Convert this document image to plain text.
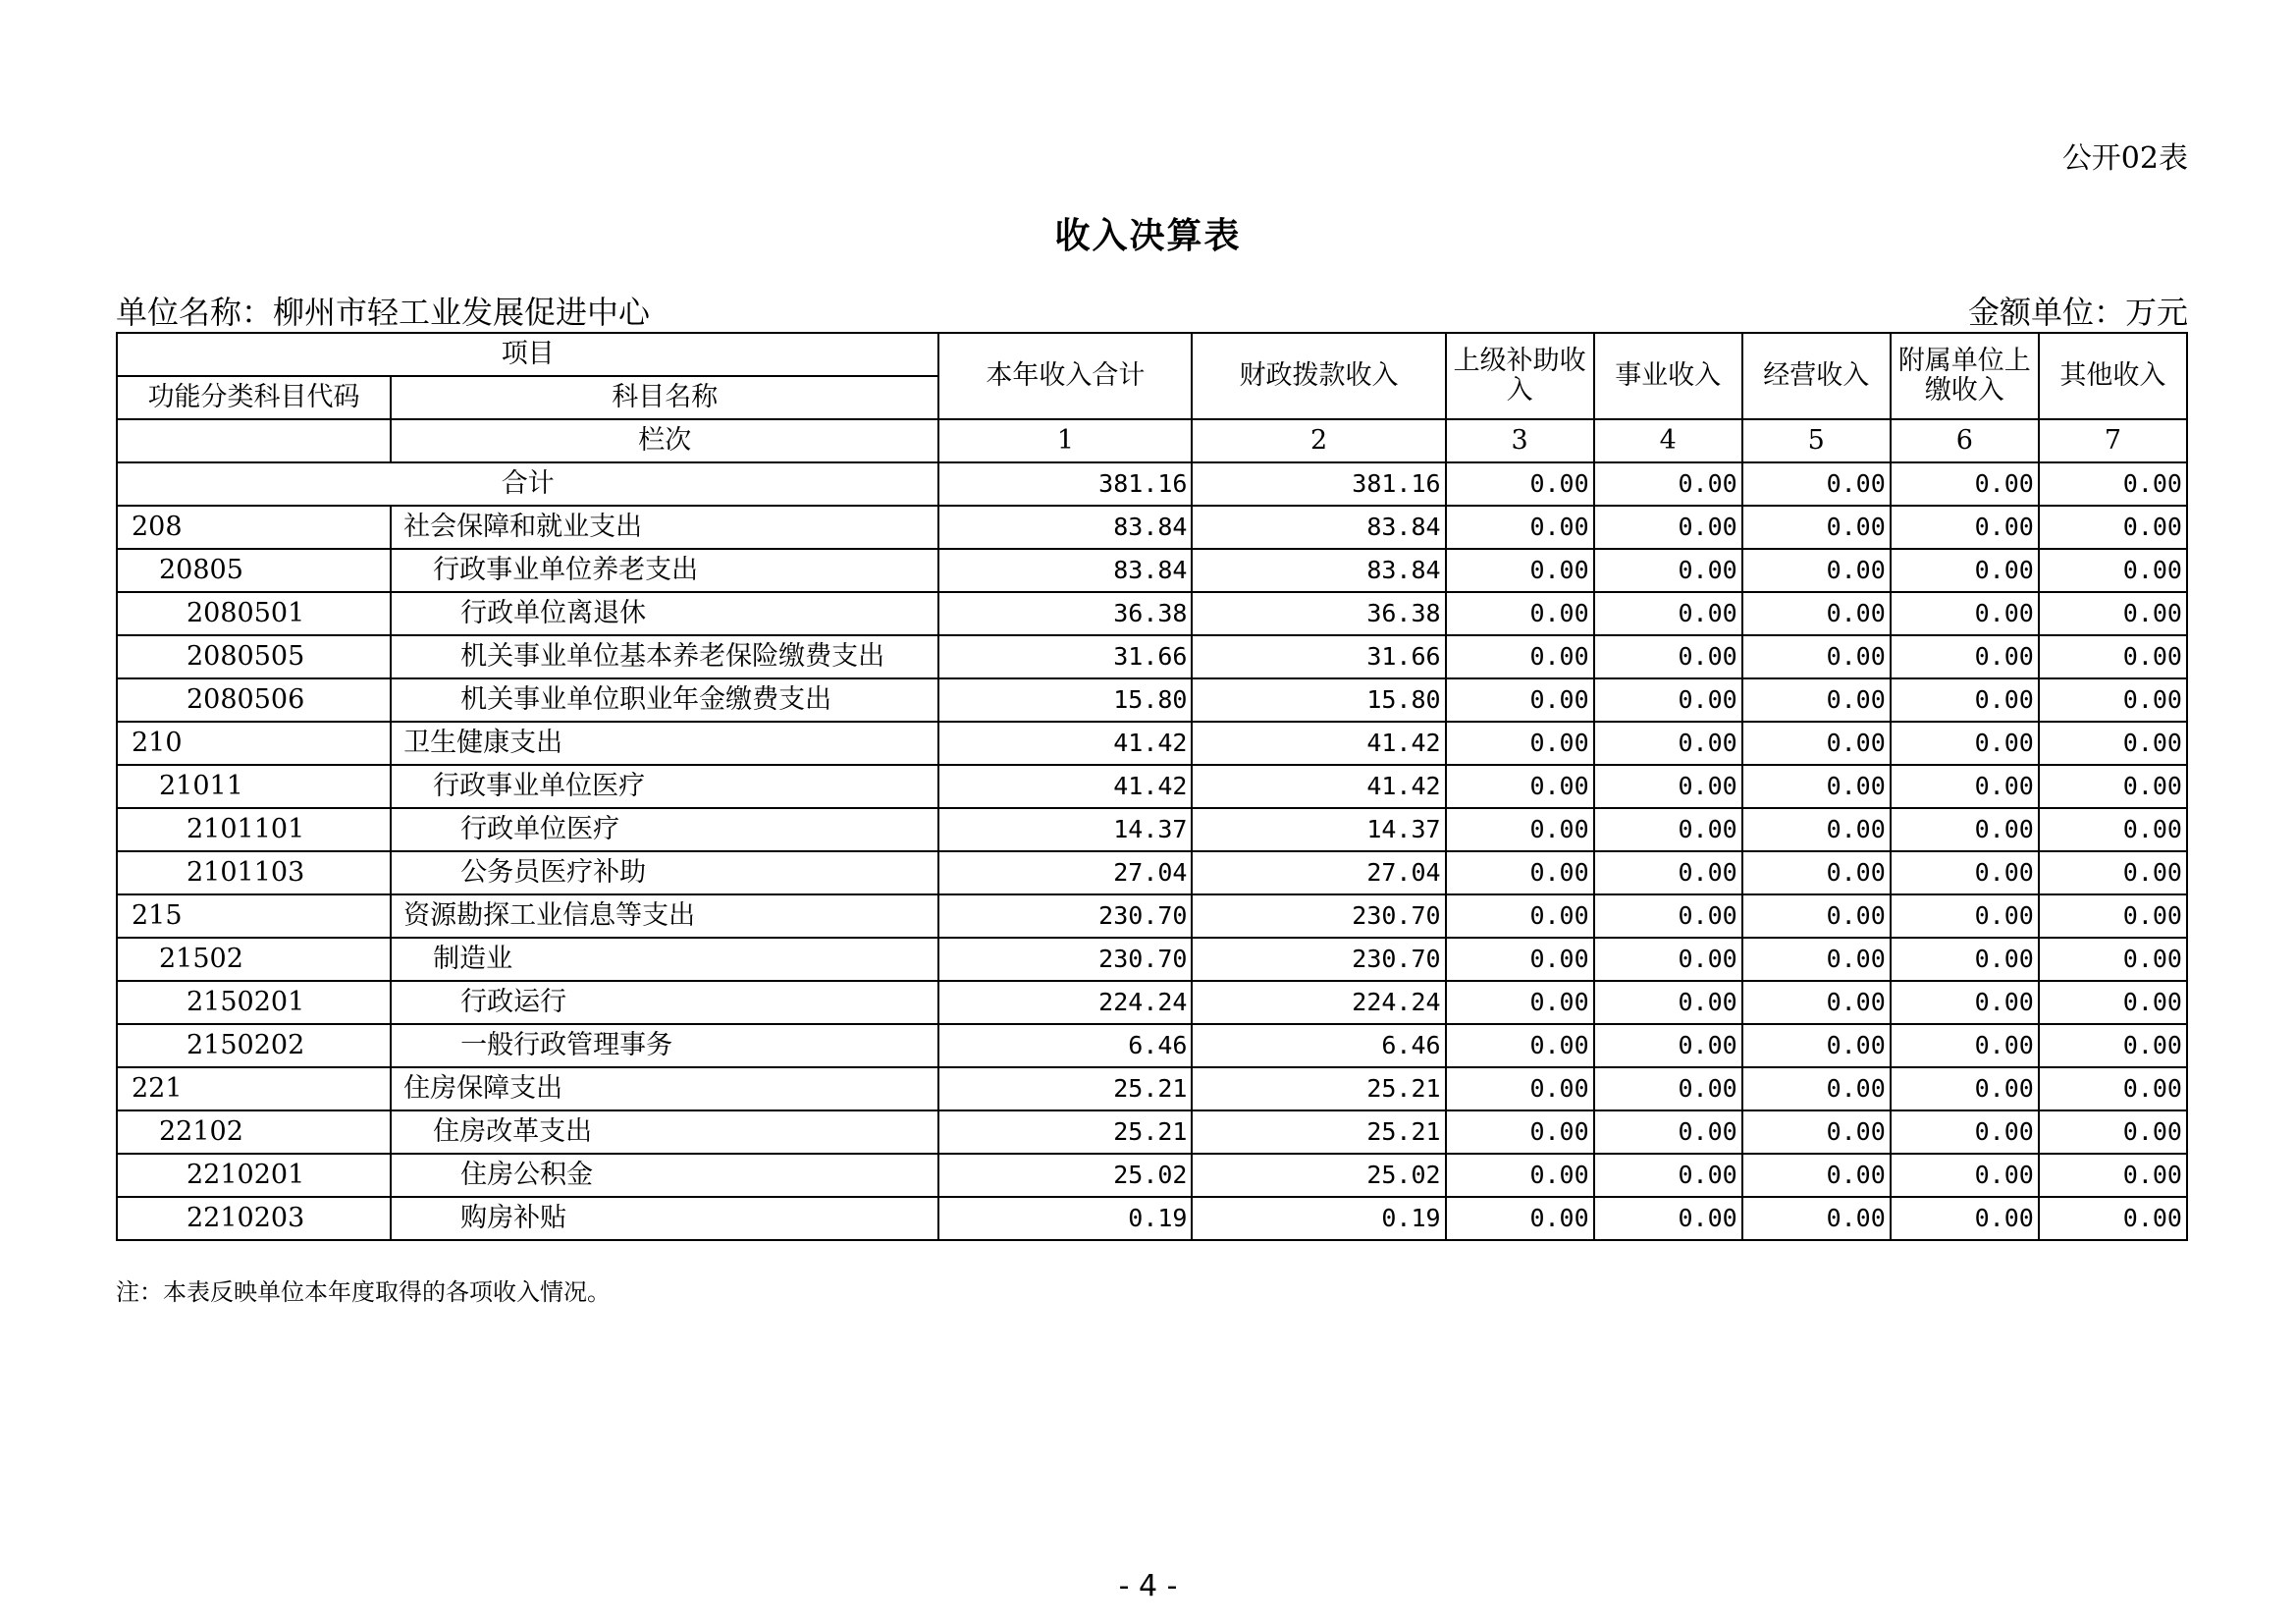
公开02表
收入决算表
单位名称：柳州市轻工业发展促进中心	金额单位：万元
项目		本年收入合计	财政拨款收入	上级补助收入	事业收入	经营收入	附属单位上缴收入	其他收入
功能分类科目代码	科目名称							
	栏次	1	2	3	4	5	6	7
合计		381.16	381.16	0.00	0.00	0.00	0.00	0.00
208	社会保障和就业支出	83.84	83.84	0.00	0.00	0.00	0.00	0.00
20805	行政事业单位养老支出	83.84	83.84	0.00	0.00	0.00	0.00	0.00
2080501	行政单位离退休	36.38	36.38	0.00	0.00	0.00	0.00	0.00
2080505	机关事业单位基本养老保险缴费支出	31.66	31.66	0.00	0.00	0.00	0.00	0.00
2080506	机关事业单位职业年金缴费支出	15.80	15.80	0.00	0.00	0.00	0.00	0.00
210	卫生健康支出	41.42	41.42	0.00	0.00	0.00	0.00	0.00
21011	行政事业单位医疗	41.42	41.42	0.00	0.00	0.00	0.00	0.00
2101101	行政单位医疗	14.37	14.37	0.00	0.00	0.00	0.00	0.00
2101103	公务员医疗补助	27.04	27.04	0.00	0.00	0.00	0.00	0.00
215	资源勘探工业信息等支出	230.70	230.70	0.00	0.00	0.00	0.00	0.00
21502	制造业	230.70	230.70	0.00	0.00	0.00	0.00	0.00
2150201	行政运行	224.24	224.24	0.00	0.00	0.00	0.00	0.00
2150202	一般行政管理事务	6.46	6.46	0.00	0.00	0.00	0.00	0.00
221	住房保障支出	25.21	25.21	0.00	0.00	0.00	0.00	0.00
22102	住房改革支出	25.21	25.21	0.00	0.00	0.00	0.00	0.00
2210201	住房公积金	25.02	25.02	0.00	0.00	0.00	0.00	0.00
2210203	购房补贴	0.19	0.19	0.00	0.00	0.00	0.00	0.00
注：本表反映单位本年度取得的各项收入情况。
- 4 -
